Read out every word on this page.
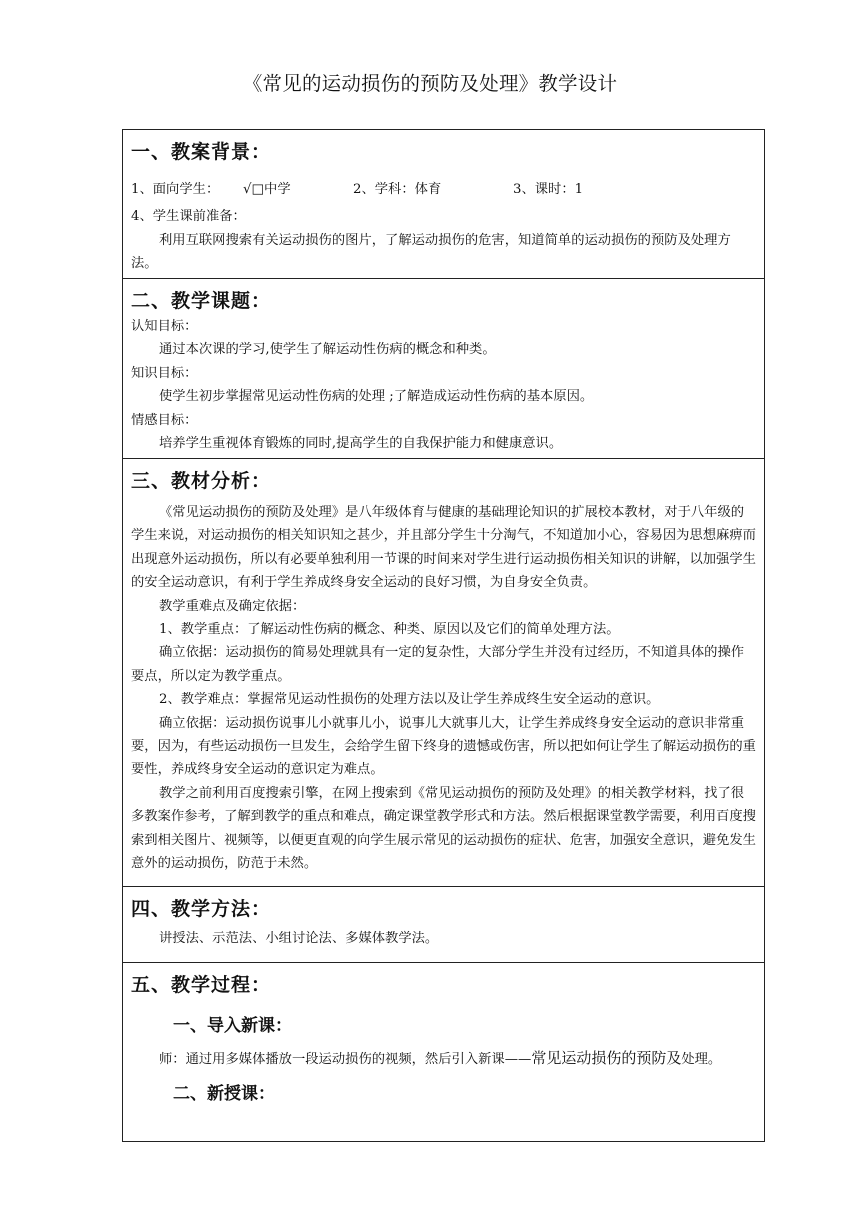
《常见的运动损伤的预防及处理》教学设计
一、教案背景：
1、面向学生：	√□中学	2、学科：体育	3、课时：1
4、学生课前准备：
利用互联网搜索有关运动损伤的图片，了解运动损伤的危害，知道简单的运动损伤的预防及处理方法。
二、教学课题：
认知目标：
通过本次课的学习,使学生了解运动性伤病的概念和种类。
知识目标：
使学生初步掌握常见运动性伤病的处理 ;了解造成运动性伤病的基本原因。
情感目标：
培养学生重视体育锻炼的同时,提高学生的自我保护能力和健康意识。
三、教材分析：
《常见运动损伤的预防及处理》是八年级体育与健康的基础理论知识的扩展校本教材，对于八年级的学生来说，对运动损伤的相关知识知之甚少，并且部分学生十分淘气，不知道加小心，容易因为思想麻痹而出现意外运动损伤，所以有必要单独利用一节课的时间来对学生进行运动损伤相关知识的讲解，以加强学生的安全运动意识，有利于学生养成终身安全运动的良好习惯，为自身安全负责。
教学重难点及确定依据：
1、教学重点：了解运动性伤病的概念、种类、原因以及它们的简单处理方法。
确立依据：运动损伤的简易处理就具有一定的复杂性，大部分学生并没有过经历，不知道具体的操作要点，所以定为教学重点。
2、教学难点：掌握常见运动性损伤的处理方法以及让学生养成终生安全运动的意识。
确立依据：运动损伤说事儿小就事儿小，说事儿大就事儿大，让学生养成终身安全运动的意识非常重要，因为，有些运动损伤一旦发生，会给学生留下终身的遗憾或伤害，所以把如何让学生了解运动损伤的重要性，养成终身安全运动的意识定为难点。
教学之前利用百度搜索引擎，在网上搜索到《常见运动损伤的预防及处理》的相关教学材料，找了很多教案作参考，了解到教学的重点和难点，确定课堂教学形式和方法。然后根据课堂教学需要，利用百度搜索到相关图片、视频等，以便更直观的向学生展示常见的运动损伤的症状、危害，加强安全意识，避免发生意外的运动损伤，防范于未然。
四、教学方法：
讲授法、示范法、小组讨论法、多媒体教学法。
五、教学过程：
一、导入新课：
师：通过用多媒体播放一段运动损伤的视频，然后引入新课——常见运动损伤的预防及处理。
二、新授课：
